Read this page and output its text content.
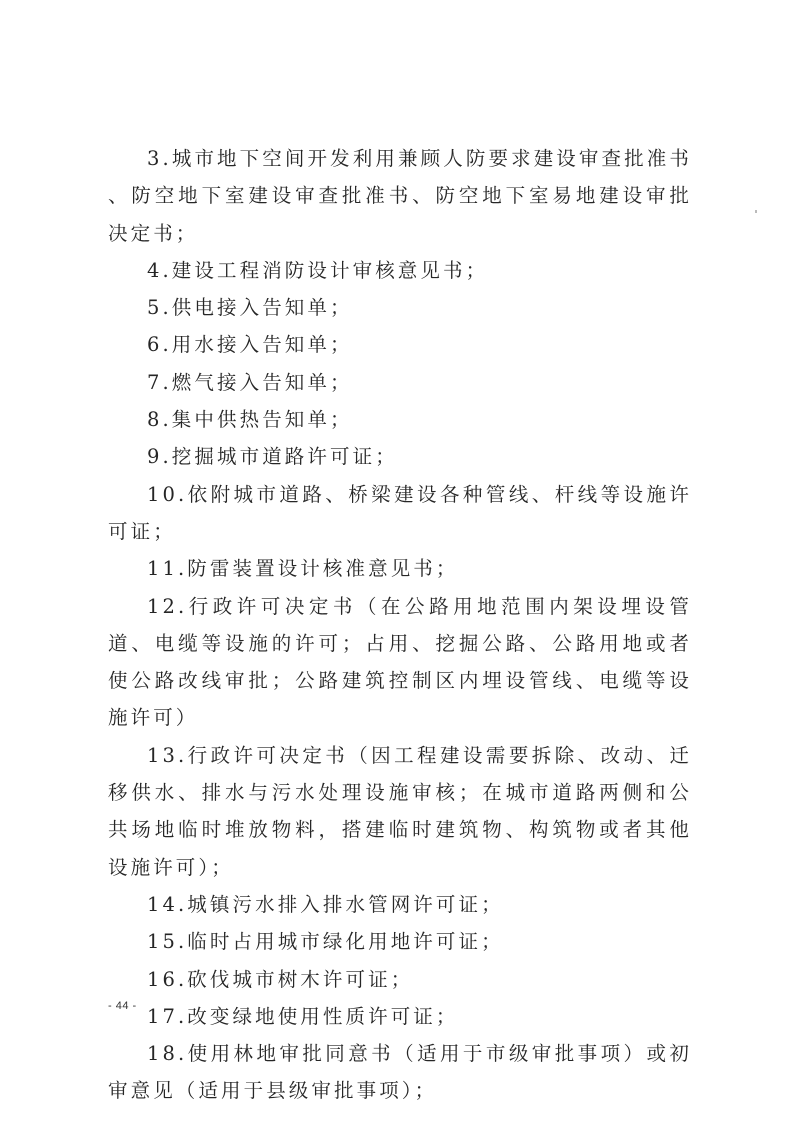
3.城市地下空间开发利用兼顾人防要求建设审查批准书 、防空地下室建设审查批准书、防空地下室易地建设审批决定书；

4.建设工程消防设计审核意见书；

5.供电接入告知单；

6.用水接入告知单；

7.燃气接入告知单；

8.集中供热告知单；

9.挖掘城市道路许可证；

10.依附城市道路、桥梁建设各种管线、杆线等设施许可证；

11.防雷装置设计核准意见书；

12.行政许可决定书（在公路用地范围内架设埋设管道、电缆等设施的许可；占用、挖掘公路、公路用地或者使公路改线审批；公路建筑控制区内埋设管线、电缆等设施许可）

13.行政许可决定书（因工程建设需要拆除、改动、迁移供水、排水与污水处理设施审核；在城市道路两侧和公共场地临时堆放物料，搭建临时建筑物、构筑物或者其他设施许可）；

14.城镇污水排入排水管网许可证；

15.临时占用城市绿化用地许可证；

16.砍伐城市树木许可证；

17.改变绿地使用性质许可证；

18.使用林地审批同意书（适用于市级审批事项）或初审意见（适用于县级审批事项）；

- 44 -
